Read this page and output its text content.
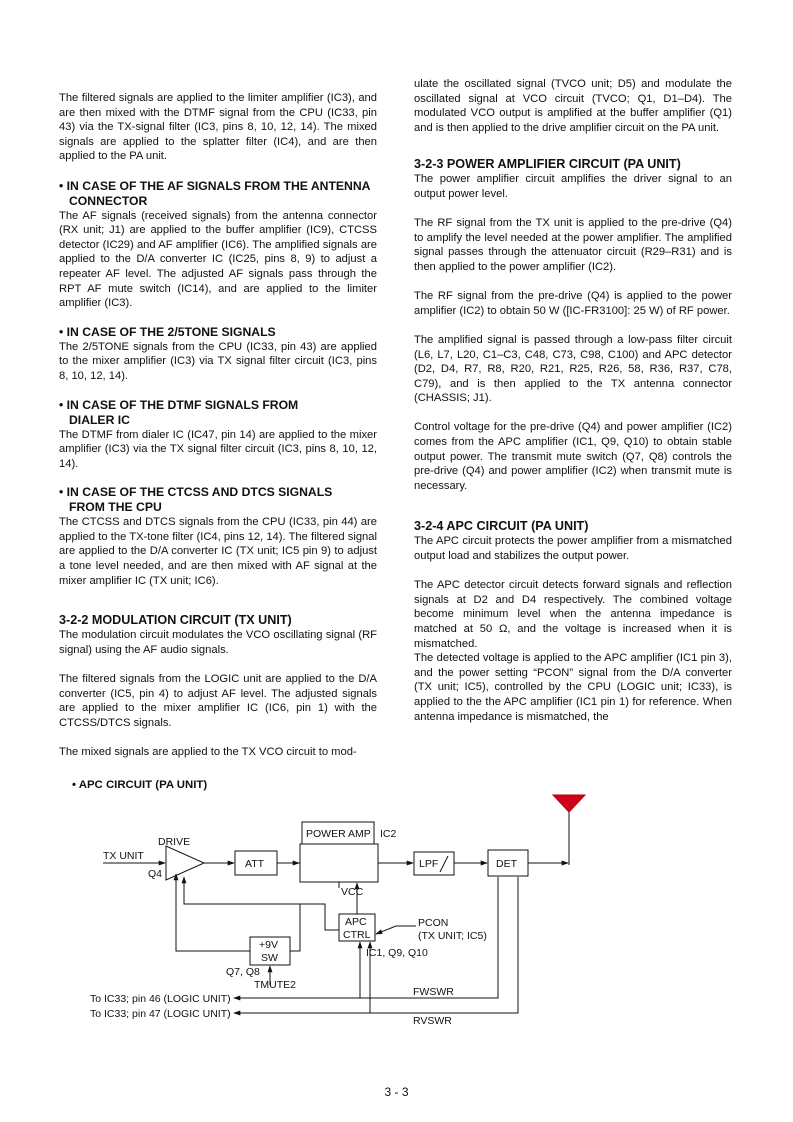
The filtered signals are applied to the limiter amplifier (IC3), and are then mixed with the DTMF signal from the CPU (IC33, pin 43) via the TX-signal filter (IC3, pins 8, 10, 12, 14). The mixed signals are applied to the splatter filter (IC4), and are then applied to the PA unit.

• IN CASE OF THE AF SIGNALS FROM THE ANTENNA
CONNECTOR

The AF signals (received signals) from the antenna connector (RX unit; J1) are applied to the buffer amplifier (IC9), CTCSS detector (IC29) and AF amplifier (IC6). The amplified signals are applied to the D/A converter IC (IC25, pins 8, 9) to adjust a repeater AF level. The adjusted AF signals pass through the RPT AF mute switch (IC14), and are applied to the limiter amplifier (IC3).

• IN CASE OF THE 2/5TONE SIGNALS

The 2/5TONE signals from the CPU (IC33, pin 43) are applied to the mixer amplifier (IC3) via TX signal filter circuit (IC3, pins 8, 10, 12, 14).

• IN CASE OF THE DTMF SIGNALS FROM
DIALER IC

The DTMF from dialer IC (IC47, pin 14) are applied to the mixer amplifier (IC3) via the TX signal filter circuit (IC3, pins 8, 10, 12, 14).

• IN CASE OF THE CTCSS AND DTCS SIGNALS
FROM THE CPU

The CTCSS and DTCS signals from the CPU (IC33, pin 44) are applied to the TX-tone filter (IC4, pins 12, 14). The filtered signal are applied to the D/A converter IC (TX unit; IC5 pin 9) to adjust a tone level needed, and are then mixed with AF signal at the mixer amplifier IC (TX unit; IC6).

3-2-2 MODULATION CIRCUIT (TX UNIT)

The modulation circuit modulates the VCO oscillating signal (RF signal) using the AF audio signals.

The filtered signals from the LOGIC unit are applied to the D/A converter (IC5, pin 4) to adjust AF level. The adjusted signals are applied to the mixer amplifier IC (IC6, pin 1) with the CTCSS/DTCS signals.

The mixed signals are applied to the TX VCO circuit to mod-

ulate the oscillated signal (TVCO unit; D5) and modulate the oscillated signal at VCO circuit (TVCO; Q1, D1–D4). The modulated VCO output is amplified at the buffer amplifier (Q1) and is then applied to the drive amplifier circuit on the PA unit.

3-2-3 POWER AMPLIFIER CIRCUIT (PA UNIT)

The power amplifier circuit amplifies the driver signal to an output power level.

The RF signal from the TX unit is applied to the pre-drive (Q4) to amplify the level needed at the power amplifier. The amplified signal passes through the attenuator circuit (R29–R31) and is then applied to the power amplifier (IC2).

The RF signal from the pre-drive (Q4) is applied to the power amplifier (IC2) to obtain 50 W ([IC-FR3100]: 25 W) of RF power.

The amplified signal is passed through a low-pass filter circuit (L6, L7, L20, C1–C3, C48, C73, C98, C100) and APC detector (D2, D4, R7, R8, R20, R21, R25, R26, 58, R36, R37, C78, C79), and is then applied to the TX antenna connector (CHASSIS; J1).

Control voltage for the pre-drive (Q4) and power amplifier (IC2) comes from the APC amplifier (IC1, Q9, Q10) to obtain stable output power. The transmit mute switch (Q7, Q8) controls the pre-drive (Q4) and power amplifier (IC2) when transmit mute is necessary.

3-2-4 APC CIRCUIT (PA UNIT)

The APC circuit protects the power amplifier from a mismatched output load and stabilizes the output power.

The APC detector circuit detects forward signals and reflection signals at D2 and D4 respectively. The combined voltage become minimum level when the antenna impedance is matched at 50 Ω, and the voltage is increased when it is mismatched.

The detected voltage is applied to the APC amplifier (IC1 pin 3), and the power setting “PCON” signal from the D/A converter (TX unit; IC5), controlled by the CPU (LOGIC unit; IC33), is applied to the the APC amplifier (IC1 pin 1) for reference. When antenna impedance is mismatched, the

• APC CIRCUIT (PA UNIT)
TX UNIT
DRIVE
Q4
ATT
POWER AMP IC2
VCC
LPF	DET
APC
CTRL
PCON
(TX UNIT; IC5)
IC1, Q9, Q10
+9V
SW
Q7, Q8
TMUTE2
To IC33; pin 46 (LOGIC UNIT)
To IC33; pin 47 (LOGIC UNIT)
FWSWR
RVSWR
3 - 3
